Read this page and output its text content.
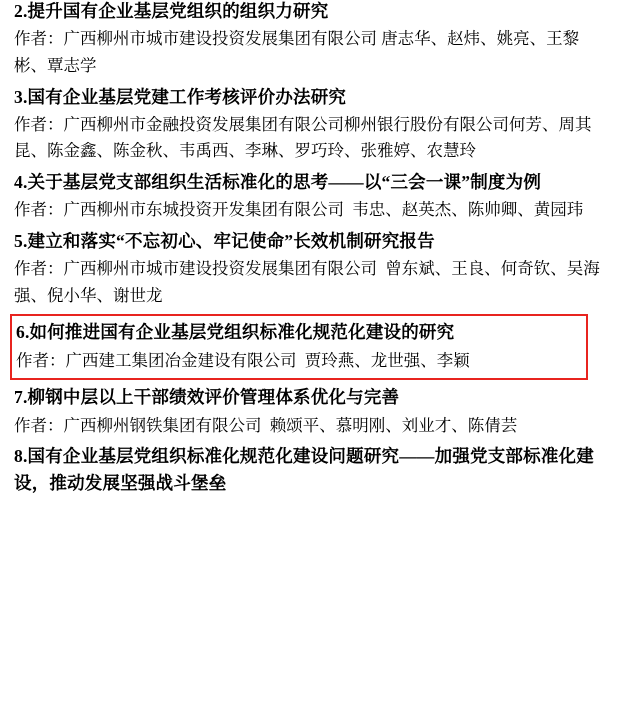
2.提升国有企业基层党组织的组织力研究
作者：广西柳州市城市建设投资发展集团有限公司 唐志华、赵炜、姚亮、王黎彬、覃志学
3.国有企业基层党建工作考核评价办法研究
作者：广西柳州市金融投资发展集团有限公司柳州银行股份有限公司何芳、周其昆、陈金鑫、陈金秋、韦禹西、李琳、罗巧玲、张雅婷、农慧玲
4.关于基层党支部组织生活标准化的思考——以“三会一课”制度为例
作者：广西柳州市东城投资开发集团有限公司  韦忠、赵英杰、陈帅卿、黄园玮
5.建立和落实“不忘初心、牢记使命”长效机制研究报告
作者：广西柳州市城市建设投资发展集团有限公司  曾东斌、王良、何奇钦、吴海强、倪小华、谢世龙
6.如何推进国有企业基层党组织标准化规范化建设的研究
作者：广西建工集团冶金建设有限公司  贾玲燕、龙世强、李颖
7.柳钢中层以上干部绩效评价管理体系优化与完善
作者：广西柳州钢铁集团有限公司  赖颂平、慕明刚、刘业才、陈倩芸
8.国有企业基层党组织标准化规范化建设问题研究——加强党支部标准化建设，推动发展坚强战斗堡垒
